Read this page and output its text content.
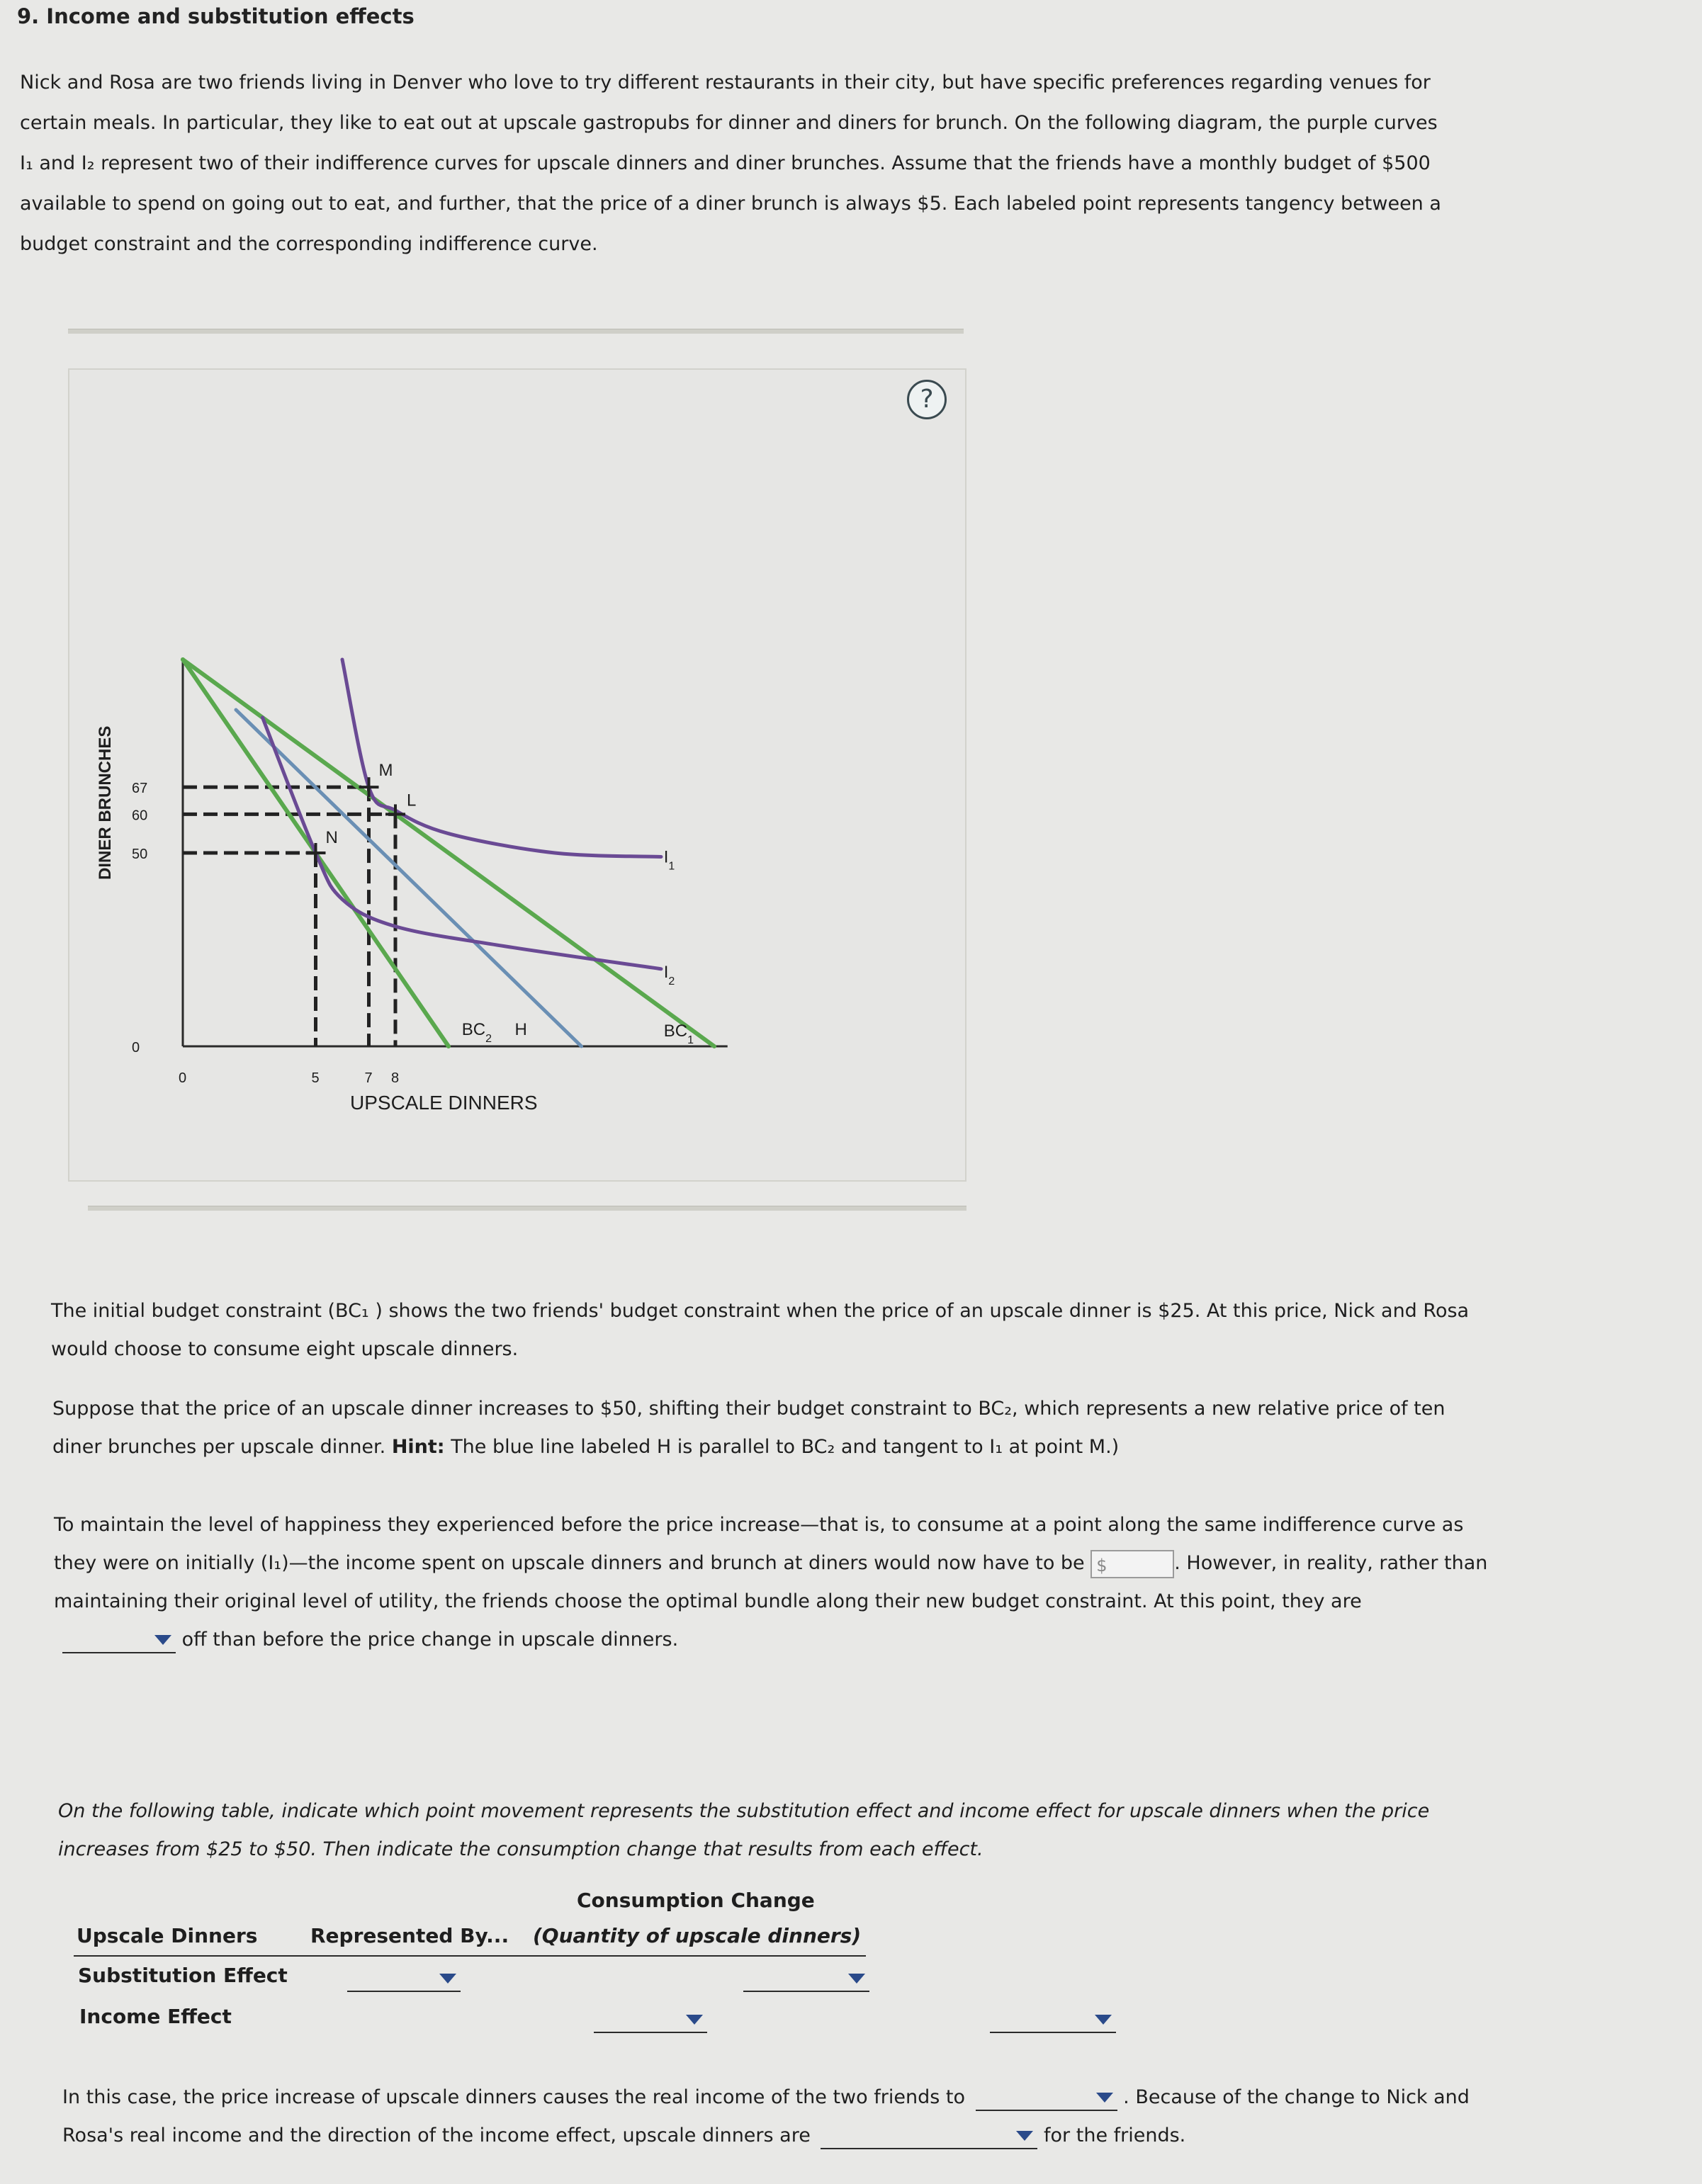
9. Income and substitution effects

Nick and Rosa are two friends living in Denver who love to try different restaurants in their city, but have specific preferences regarding venues for

certain meals. In particular, they like to eat out at upscale gastropubs for dinner and diners for brunch. On the following diagram, the purple curves

I₁ and I₂ represent two of their indifference curves for upscale dinners and diner brunches. Assume that the friends have a monthly budget of $500

available to spend on going out to eat, and further, that the price of a diner brunch is always $5. Each labeled point represents tangency between a

budget constraint and the corresponding indifference curve.

?
M
L
N
H
$I_1$
$I_2$
$BC_1$
$BC_2$
67
60
50
0
0	5	7 8
DINER BRUNCHES
UPSCALE DINNERS

The initial budget constraint (BC₁ ) shows the two friends' budget constraint when the price of an upscale dinner is $25. At this price, Nick and Rosa

would choose to consume eight upscale dinners.

Suppose that the price of an upscale dinner increases to $50, shifting their budget constraint to BC₂, which represents a new relative price of ten

diner brunches per upscale dinner. Hint: The blue line labeled H is parallel to BC₂ and tangent to I₁ at point M.)

To maintain the level of happiness they experienced before the price increase—that is, to consume at a point along the same indifference curve as

they were on initially (I₁)—the income spent on upscale dinners and brunch at diners would now have to be $	. However, in reality, rather than

maintaining their original level of utility, the friends choose the optimal bundle along their new budget constraint. At this point, they are

off than before the price change in upscale dinners.

On the following table, indicate which point movement represents the substitution effect and income effect for upscale dinners when the price

increases from $25 to $50. Then indicate the consumption change that results from each effect.

Consumption Change
Upscale Dinners	Represented By... (Quantity of upscale dinners)
Substitution Effect

Income Effect

In this case, the price increase of upscale dinners causes the real income of the two friends to	. Because of the change to Nick and
Rosa's real income and the direction of the income effect, upscale dinners are	for the friends.
